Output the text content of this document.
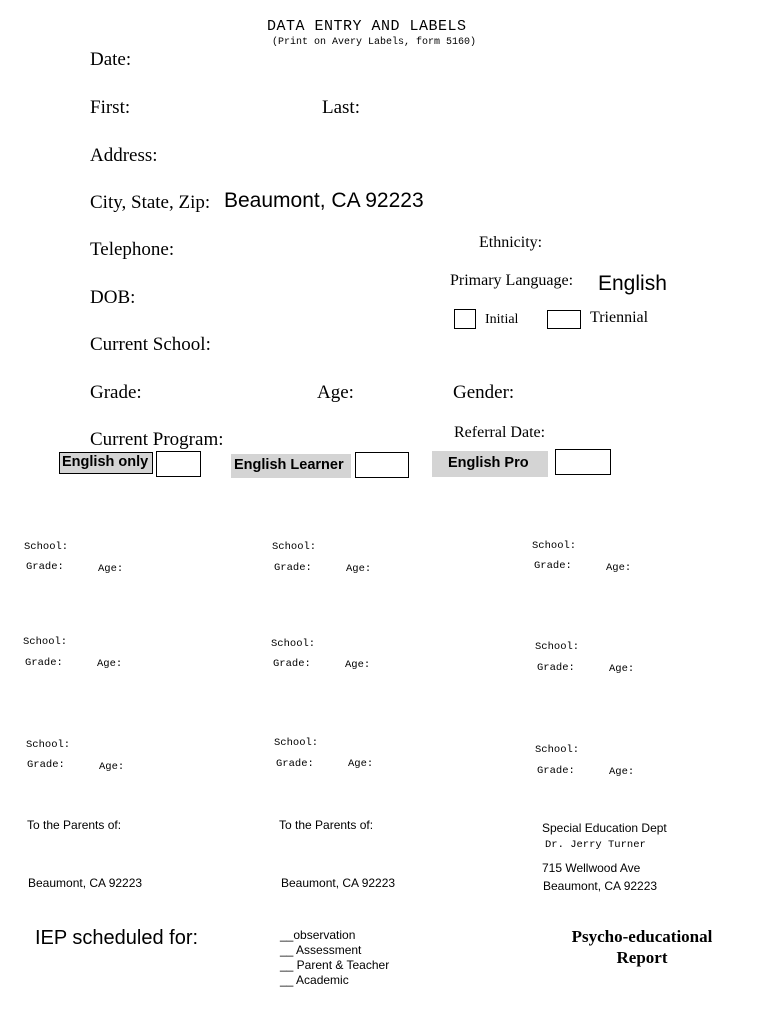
DATA ENTRY AND LABELS
(Print on Avery Labels, form 5160)
Date:
First:	Last:
Address:
City, State, Zip: Beaumont, CA 92223
Telephone:	Ethnicity:
Primary Language: English
DOB:
Initial	Triennial
Current School:
Grade:	Age:	Gender:
Referral Date:
Current Program:
English only	English Learner	English Pro
School:
Grade:	Age:
School:
Grade:	Age:
School:
Grade:	Age:
School:
Grade:	Age:
School:
Grade:	Age:
School:
Grade:	Age:
School:
Grade:	Age:
School:
Grade:	Age:
School:
Grade:	Age:
To the Parents of:	To the Parents of:	Special Education Dept
Dr. Jerry Turner
715 Wellwood Ave
Beaumont, CA 92223	Beaumont, CA 92223	Beaumont, CA 92223
IEP scheduled for:	__observation
__ Assessment
__ Parent & Teacher
__ Academic
Psycho-educational
Report
